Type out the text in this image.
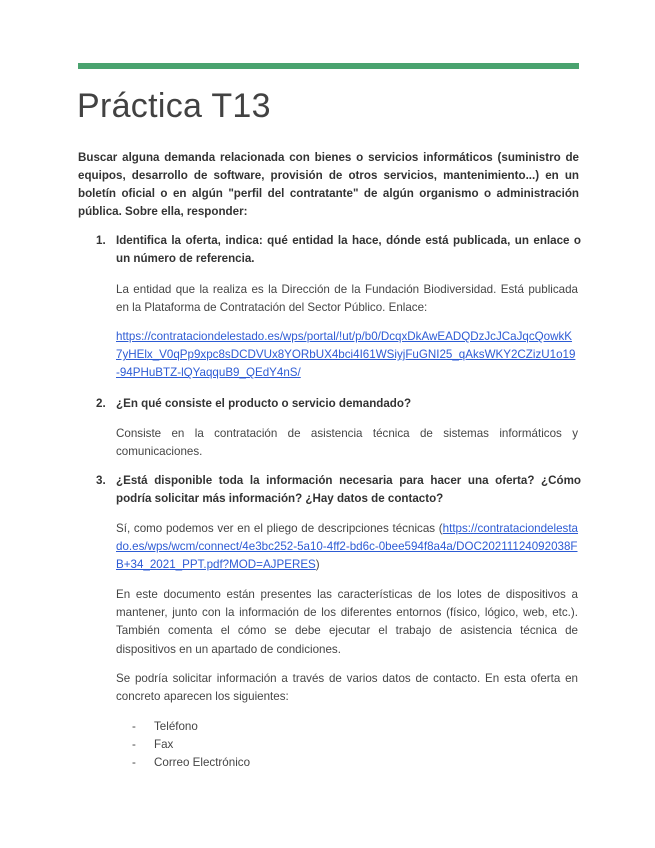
Práctica T13

Buscar alguna demanda relacionada con bienes o servicios informáticos (suministro de equipos, desarrollo de software, provisión de otros servicios, mantenimiento...) en un boletín oficial o en algún "perfil del contratante" de algún organismo o administración pública. Sobre ella, responder:

1. Identifica la oferta, indica: qué entidad la hace, dónde está publicada, un enlace o un número de referencia.

La entidad que la realiza es la Dirección de la Fundación Biodiversidad. Está publicada en la Plataforma de Contratación del Sector Público. Enlace:

https://contrataciondelestado.es/wps/portal/!ut/p/b0/DcqxDkAwEADQDzJcJCaJqcQowkK7yHElx_V0qPp9xpc8sDCDVUx8YORbUX4bci4I61WSiyjFuGNI25_qAksWKY2CZizU1o19-94PHuBTZ-lQYaqquB9_QEdY4nS/

2. ¿En qué consiste el producto o servicio demandado?

Consiste en la contratación de asistencia técnica de sistemas informáticos y comunicaciones.

3. ¿Está disponible toda la información necesaria para hacer una oferta? ¿Cómo podría solicitar más información? ¿Hay datos de contacto?

Sí, como podemos ver en el pliego de descripciones técnicas (https://contrataciondelestado.es/wps/wcm/connect/4e3bc252-5a10-4ff2-bd6c-0bee594f8a4a/DOC20211124092038FB+34_2021_PPT.pdf?MOD=AJPERES)

En este documento están presentes las características de los lotes de dispositivos a mantener, junto con la información de los diferentes entornos (físico, lógico, web, etc.). También comenta el cómo se debe ejecutar el trabajo de asistencia técnica de dispositivos en un apartado de condiciones.

Se podría solicitar información a través de varios datos de contacto. En esta oferta en concreto aparecen los siguientes:

- Teléfono
- Fax
- Correo Electrónico
